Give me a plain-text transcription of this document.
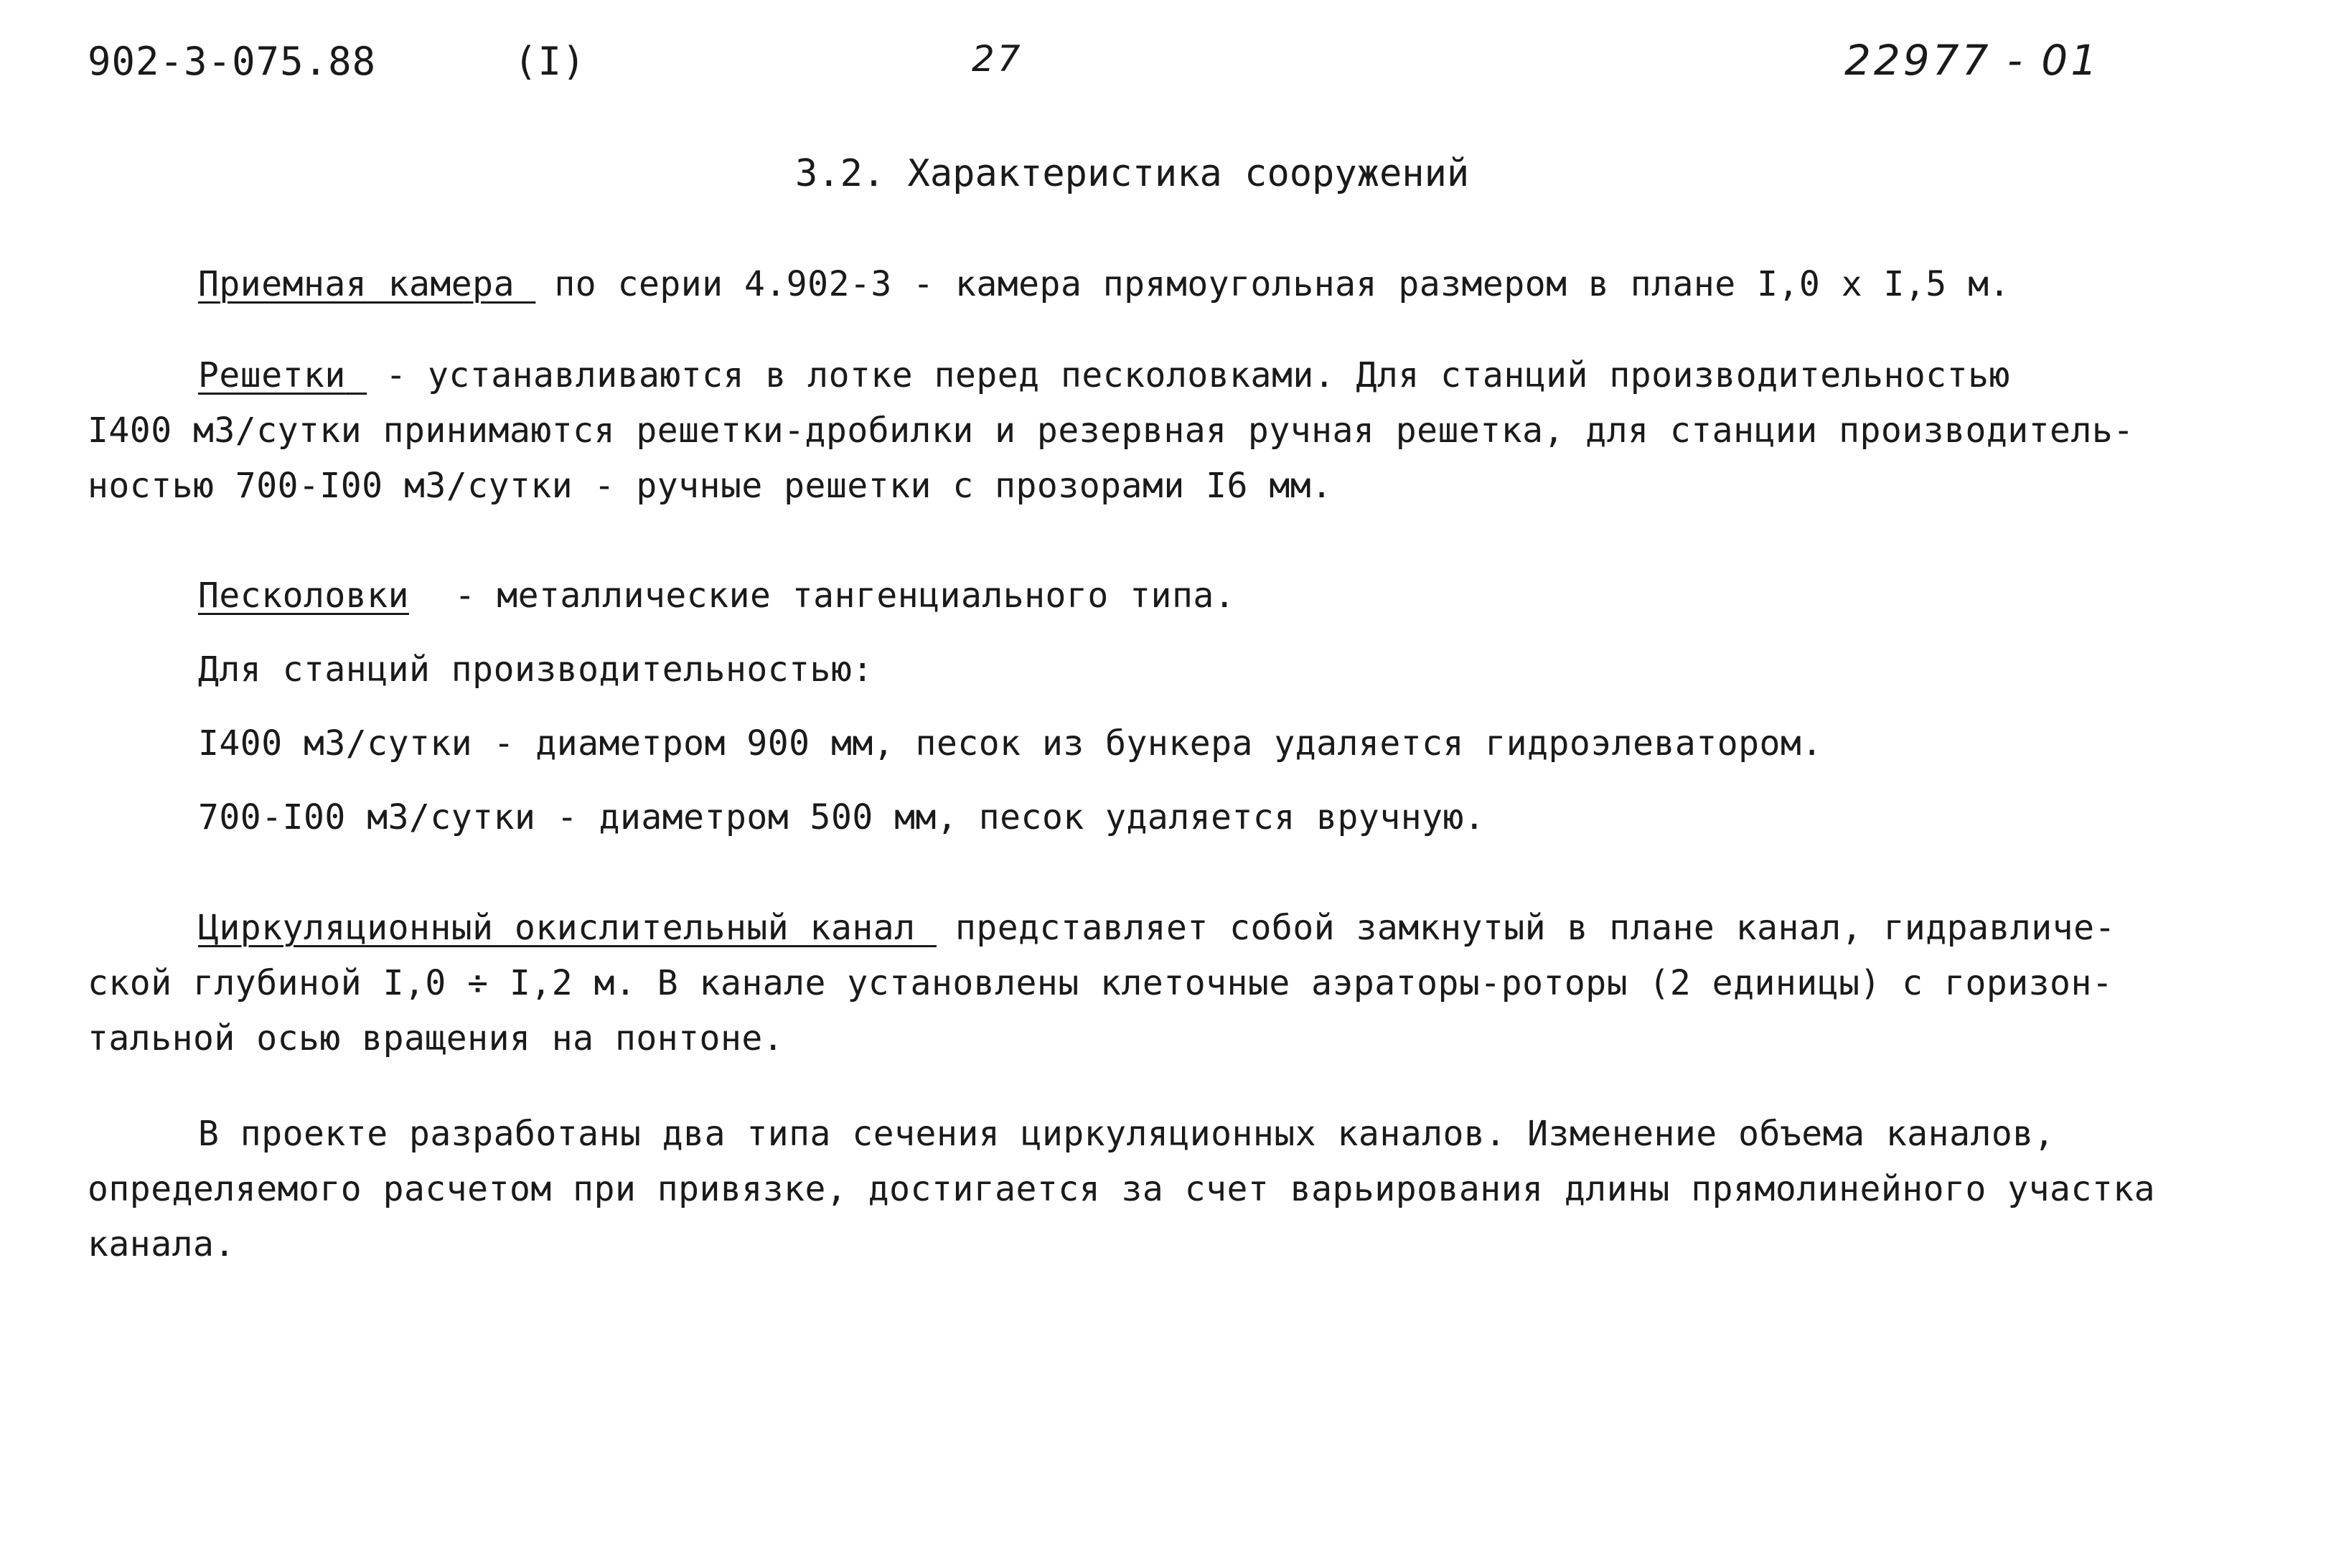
902-3-075.88	(I)	27	22977 - 01
3.2. Характеристика сооружений
Приемная камера по серии 4.902-3 - камера прямоугольная размером в плане I,0 x I,5 м.
Решетки - устанавливаются в лотке перед песколовками. Для станций производительностью
I400 м3/сутки принимаются решетки-дробилки и резервная ручная решетка, для станции производитель-
ностью 700-I00 м3/сутки - ручные решетки с прозорами I6 мм.
Песколовки - металлические тангенциального типа.
Для станций производительностью:
I400 м3/сутки - диаметром 900 мм, песок из бункера удаляется гидроэлеватором.
700-I00 м3/сутки - диаметром 500 мм, песок удаляется вручную.
Циркуляционный окислительный канал представляет собой замкнутый в плане канал, гидравличе-
ской глубиной I,0 ÷ I,2 м. В канале установлены клеточные аэраторы-роторы (2 единицы) с горизон-
тальной осью вращения на понтоне.
В проекте разработаны два типа сечения циркуляционных каналов. Изменение объема каналов,
определяемого расчетом при привязке, достигается за счет варьирования длины прямолинейного участка
канала.
